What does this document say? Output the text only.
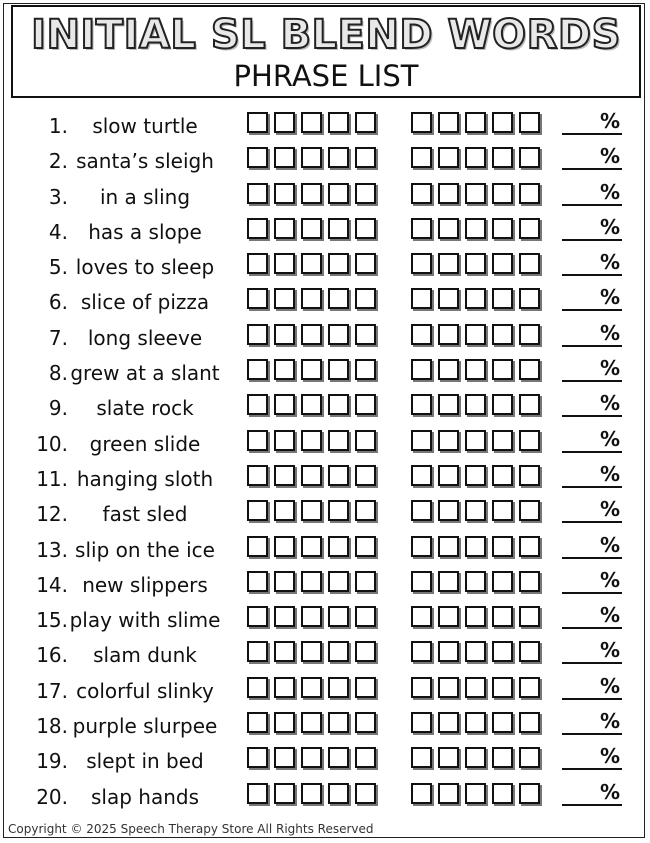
INITIAL SL BLEND WORDS
PHRASE LIST
1.	slow turtle	%
2. santa’s sleigh	%
3.	in a sling	%
4.	has a slope	%
5. loves to sleep	%
6. slice of pizza	%
7. long sleeve	%
8. grew at a slant	%
9.	slate rock	%
10.	green slide	%
11. hanging sloth	%
12.	fast sled	%
13. slip on the ice	%
14. new slippers	%
15. play with slime	%
16.	slam dunk	%
17. colorful slinky	%
18. purple slurpee	%
19. slept in bed	%
20.	slap hands	%
Copyright © 2025 Speech Therapy Store All Rights Reserved
